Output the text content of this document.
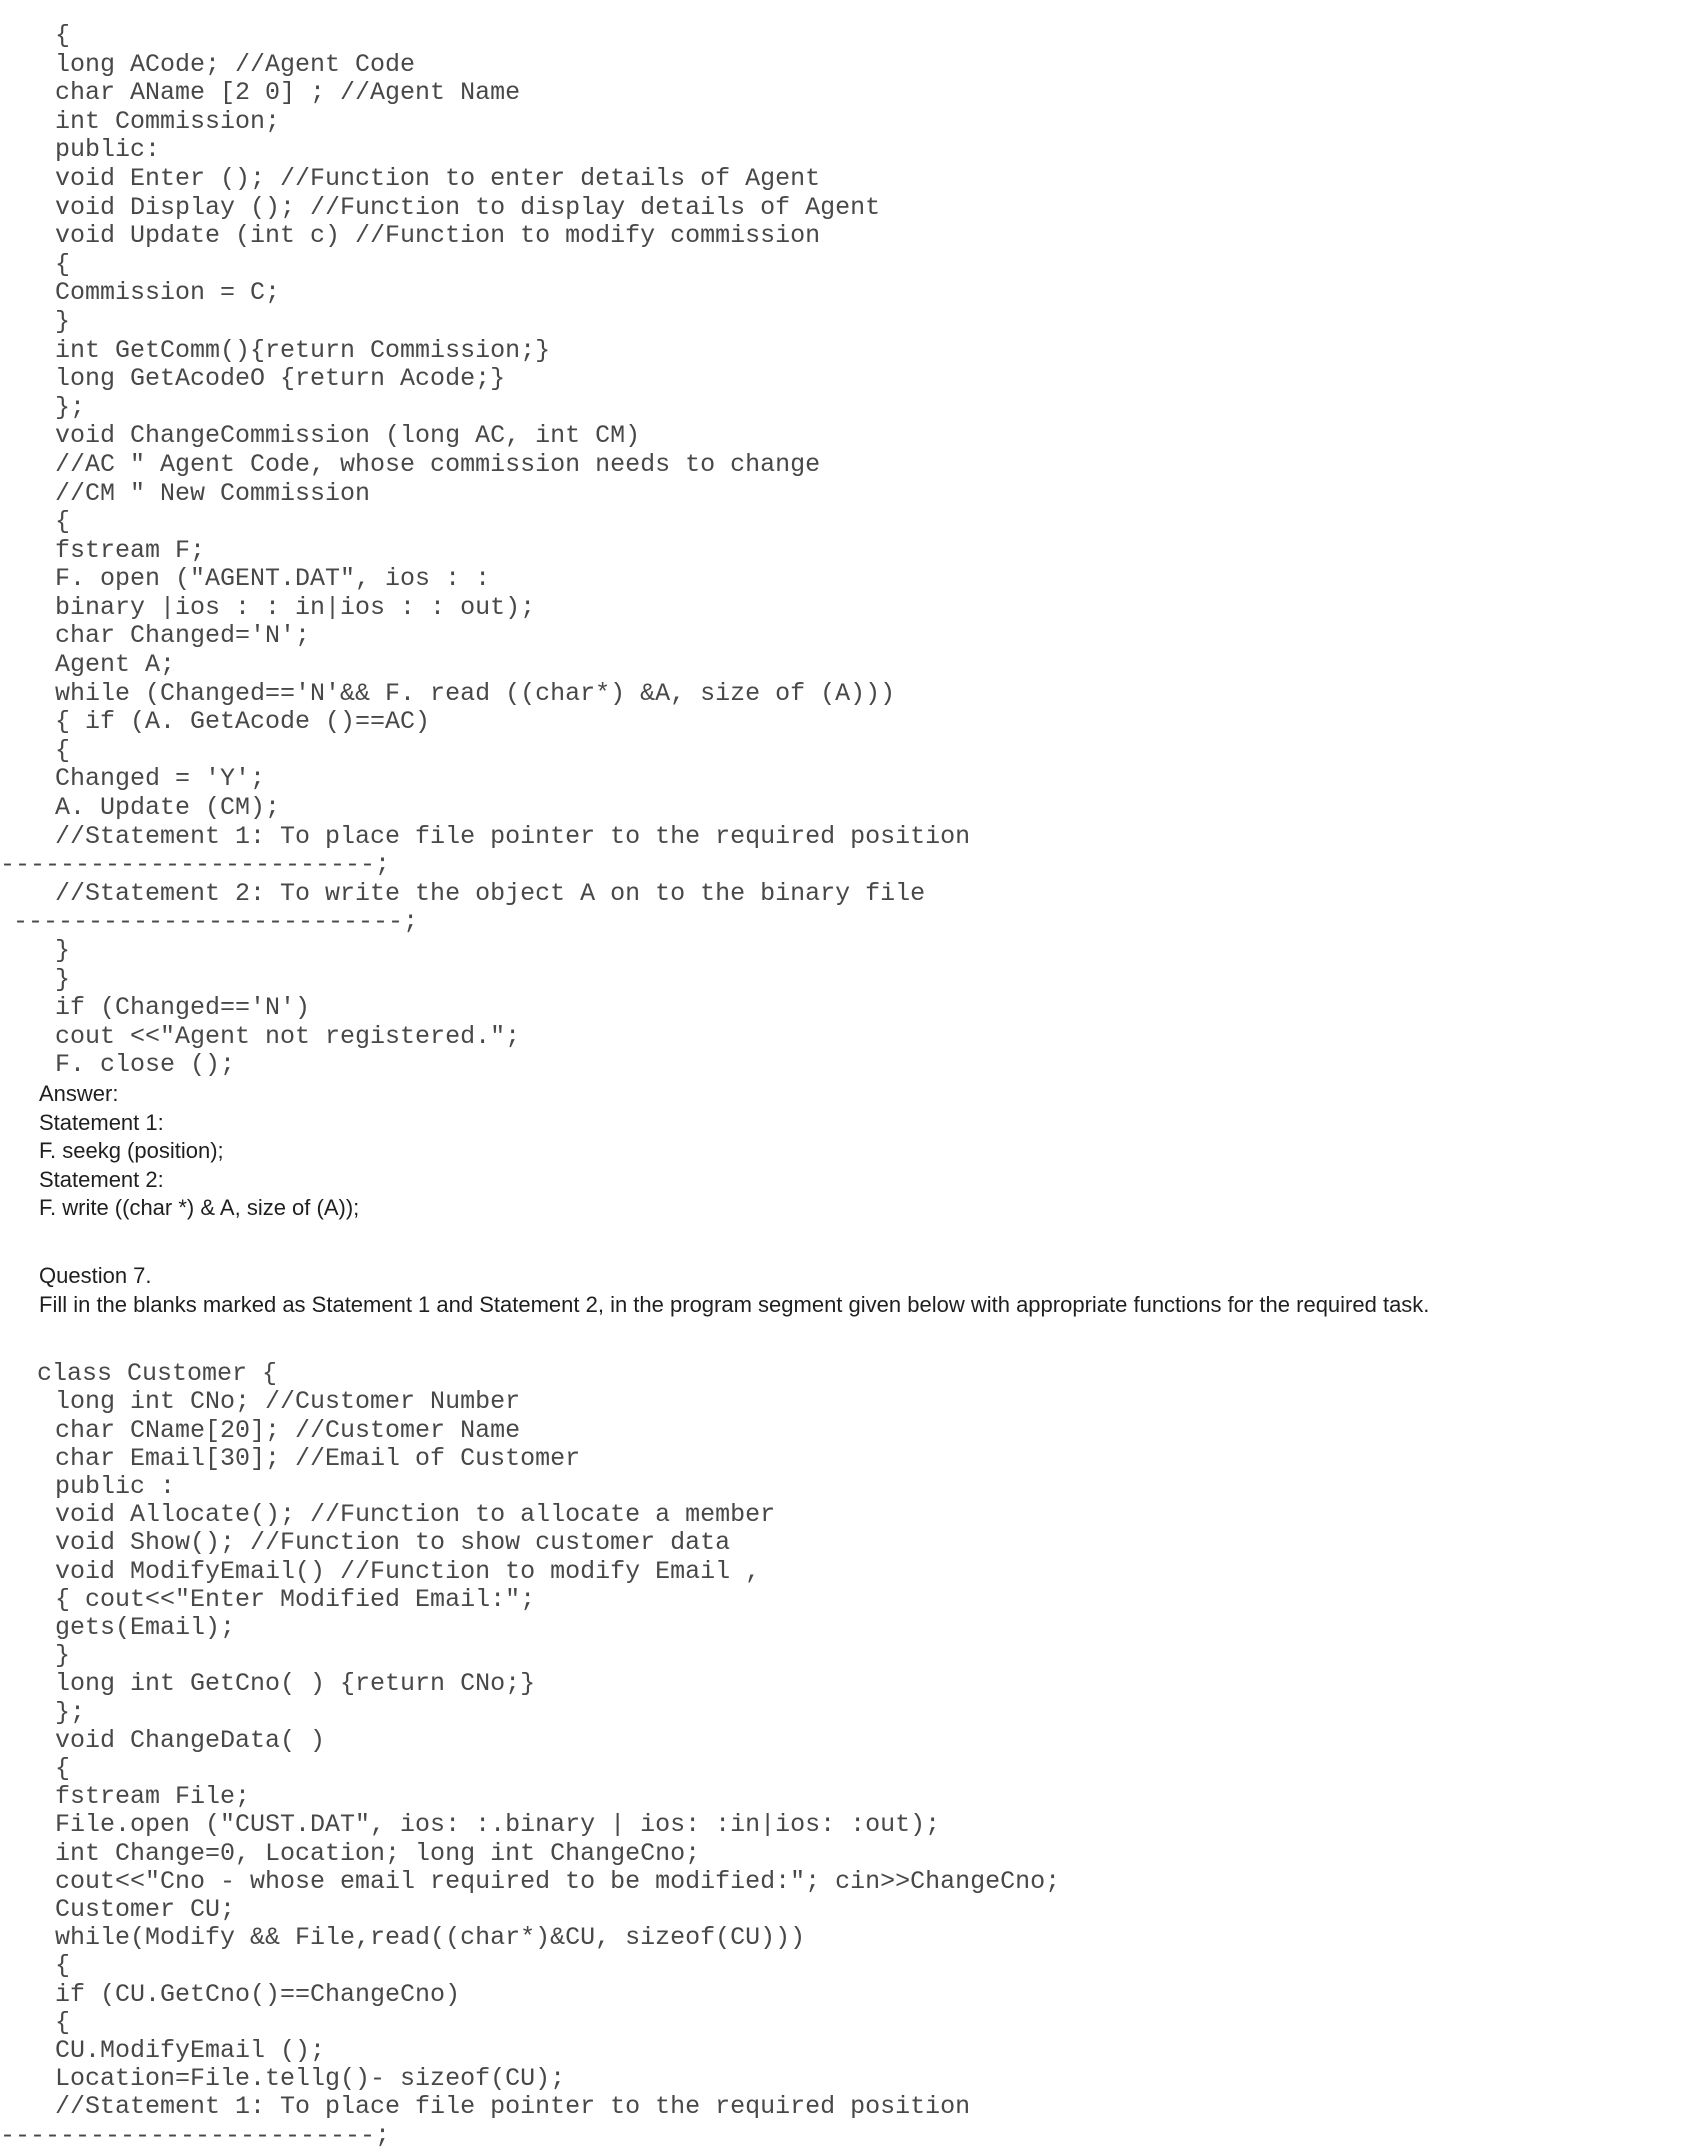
{
long ACode; //Agent Code
char AName [2 0] ; //Agent Name
int Commission;
public:
void Enter (); //Function to enter details of Agent
void Display (); //Function to display details of Agent
void Update (int c) //Function to modify commission
{
Commission = C;
}
int GetComm(){return Commission;}
long GetAcodeO {return Acode;}
};
void ChangeCommission (long AC, int CM)
//AC " Agent Code, whose commission needs to change
//CM " New Commission
{
fstream F;
F. open ("AGENT.DAT", ios : :
binary |ios : : in|ios : : out);
char Changed='N';
Agent A;
while (Changed=='N'&& F. read ((char*) &A, size of (A)))
{ if (A. GetAcode ()==AC)
{
Changed = 'Y';
A. Update (CM);
//Statement 1: To place file pointer to the required position
-------------------------;
//Statement 2: To write the object A on to the binary file
--------------------------;
}
}
if (Changed=='N')
cout <<"Agent not registered.";
F. close ();
Answer:
Statement 1:
F. seekg (position);
Statement 2:
F. write ((char *) & A, size of (A));
Question 7.
Fill in the blanks marked as Statement 1 and Statement 2, in the program segment given below with appropriate functions for the required task.
class Customer {
long int CNo; //Customer Number
char CName[20]; //Customer Name
char Email[30]; //Email of Customer
public :
void Allocate(); //Function to allocate a member
void Show(); //Function to show customer data
void ModifyEmail() //Function to modify Email ,
{ cout<<"Enter Modified Email:";
gets(Email);
}
long int GetCno( ) {return CNo;}
};
void ChangeData( )
{
fstream File;
File.open ("CUST.DAT", ios: :.binary | ios: :in|ios: :out);
int Change=0, Location; long int ChangeCno;
cout<<"Cno - whose email required to be modified:"; cin>>ChangeCno;
Customer CU;
while(Modify && File,read((char*)&CU, sizeof(CU)))
{
if (CU.GetCno()==ChangeCno)
{
CU.ModifyEmail ();
Location=File.tellg()- sizeof(CU);
//Statement 1: To place file pointer to the required position
-------------------------;
